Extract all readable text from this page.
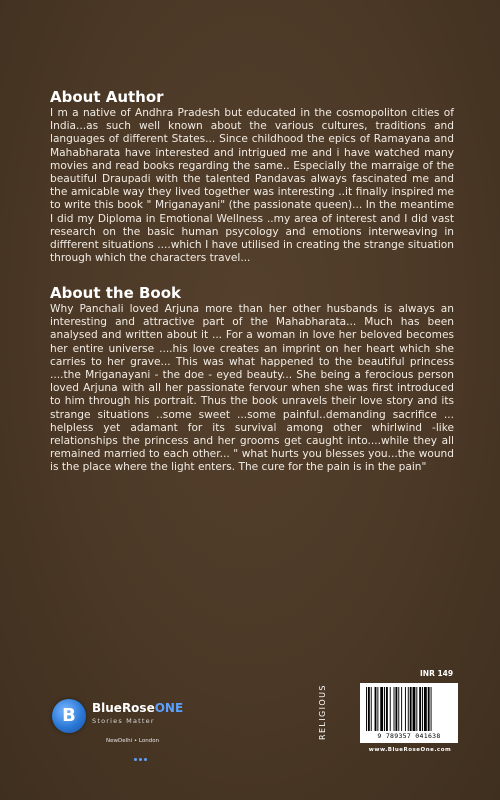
About Author

I m a native of Andhra Pradesh but educated in the cosmopoliton cities of India...as such well known about the various cultures, traditions and languages of different States... Since childhood the epics of Ramayana and Mahabharata have interested and intrigued me and i have watched many movies and read books regarding the same.. Especially the marraige of the beautiful Draupadi with the talented Pandavas always fascinated me and the amicable way they lived together was interesting ..it finally inspired me to write this book " Mriganayani" (the passionate queen)... In the meantime I did my Diploma in Emotional Wellness ..my area of interest and I did vast research on the basic human psycology and emotions interweaving in diffferent situations ....which I have utilised in creating the strange situation through which the characters travel...

About the Book

Why Panchali loved Arjuna more than her other husbands is always an interesting and attractive part of the Mahabharata... Much has been analysed and written about it ... For a woman in love her beloved becomes her entire universe ....his love creates an imprint on her heart which she carries to her grave... This was what happened to the beautiful princess ....the Mriganayani - the doe - eyed beauty... She being a ferocious person loved Arjuna with all her passionate fervour when she was first introduced to him through his portrait. Thus the book unravels their love story and its strange situations ..some sweet ...some painful..demanding sacrifice ... helpless yet adamant for its survival among other whirlwind -like relationships the princess and her grooms get caught into....while they all remained married to each other... " what hurts you blesses you...the wound is the place where the light enters. The cure for the pain is in the pain"

B	BlueRoseONE
Stories Matter
NewDelhi • London
RELIGIOUS
INR 149
9 789357 041638
www.BlueRoseOne.com
